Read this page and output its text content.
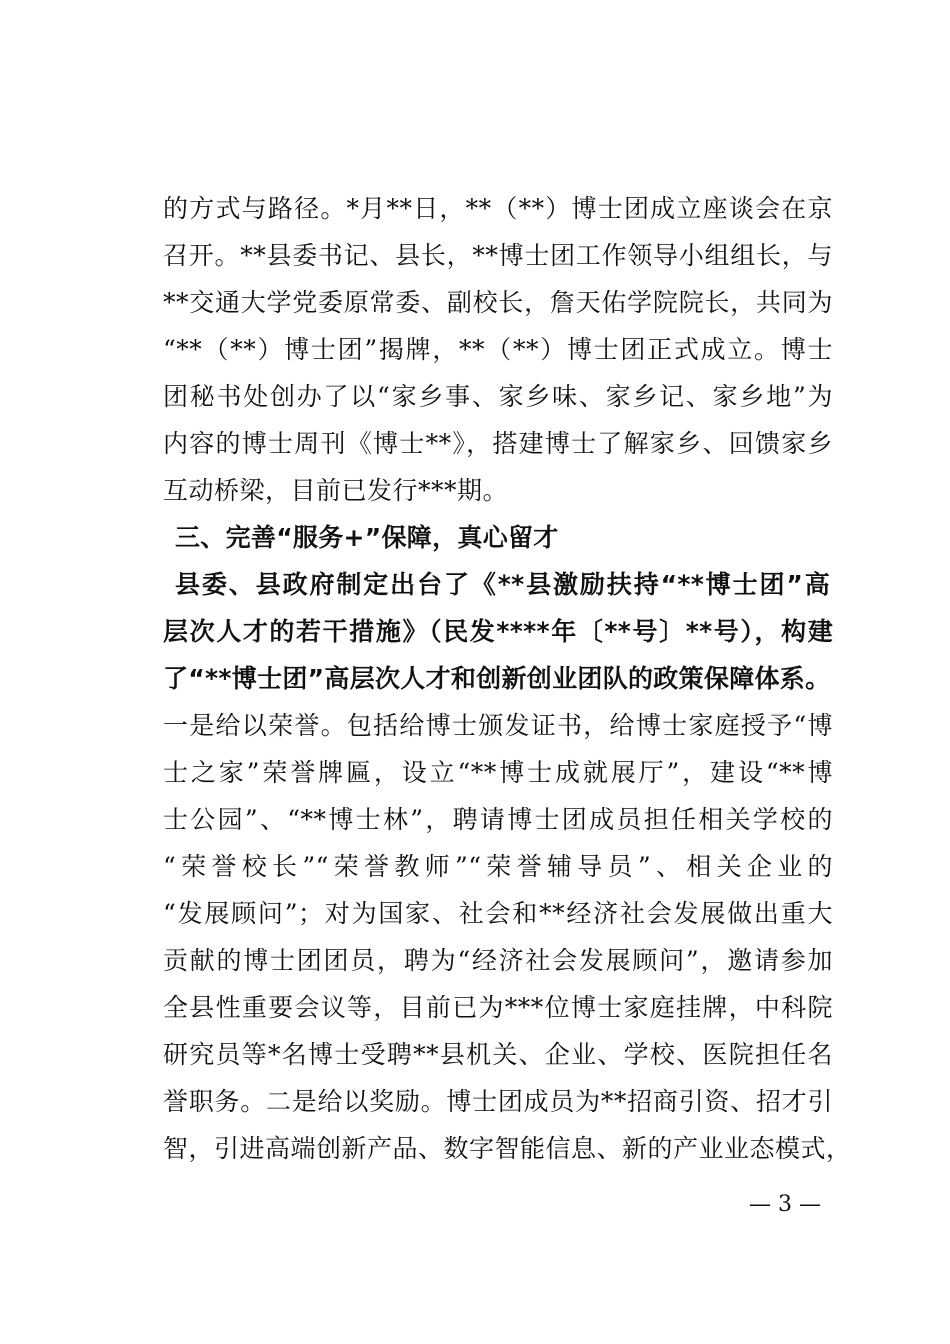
的方式与路径。*月**日，**（**）博士团成立座谈会在京
召开。**县委书记、县长，**博士团工作领导小组组长，与
**交通大学党委原常委、副校长，詹天佑学院院长，共同为
“**（**）博士团”揭牌，**（**）博士团正式成立。博士
团秘书处创办了以“家乡事、家乡味、家乡记、家乡地”为
内容的博士周刊《博士**》，搭建博士了解家乡、回馈家乡
互动桥梁，目前已发行***期。
三、完善“服务+”保障，真心留才
县委、县政府制定出台了《**县激励扶持“**博士团”高
层次人才的若干措施》（民发****年〔**号〕**号），构建
了“**博士团”高层次人才和创新创业团队的政策保障体系。
一是给以荣誉。包括给博士颁发证书，给博士家庭授予“博
士之家”荣誉牌匾，设立“**博士成就展厅”，建设“**博
士公园”、“**博士林”，聘请博士团成员担任相关学校的
“荣誉校长”“荣誉教师”“荣誉辅导员”、相关企业的
“发展顾问”；对为国家、社会和**经济社会发展做出重大
贡献的博士团团员，聘为“经济社会发展顾问”，邀请参加
全县性重要会议等，目前已为***位博士家庭挂牌，中科院
研究员等*名博士受聘**县机关、企业、学校、医院担任名
誉职务。二是给以奖励。博士团成员为**招商引资、招才引
智，引进高端创新产品、数字智能信息、新的产业业态模式，
— 3 —
